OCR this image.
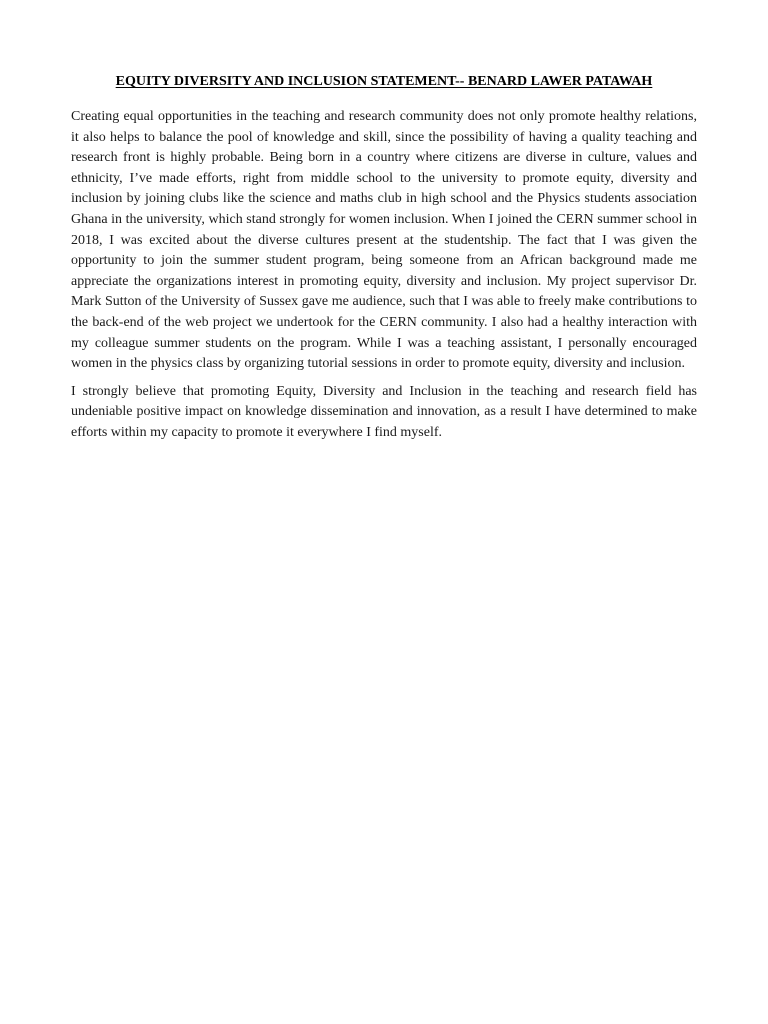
EQUITY DIVERSITY AND INCLUSION STATEMENT-- BENARD LAWER PATAWAH

Creating equal opportunities in the teaching and research community does not only promote healthy relations, it also helps to balance the pool of knowledge and skill, since the possibility of having a quality teaching and research front is highly probable. Being born in a country where citizens are diverse in culture, values and ethnicity, I’ve made efforts, right from middle school to the university to promote equity, diversity and inclusion by joining clubs like the science and maths club in high school and the Physics students association Ghana in the university, which stand strongly for women inclusion. When I joined the CERN summer school in 2018, I was excited about the diverse cultures present at the studentship. The fact that I was given the opportunity to join the summer student program, being someone from an African background made me appreciate the organizations interest in promoting equity, diversity and inclusion. My project supervisor Dr. Mark Sutton of the University of Sussex gave me audience, such that I was able to freely make contributions to the back-end of the web project we undertook for the CERN community. I also had a healthy interaction with my colleague summer students on the program. While I was a teaching assistant, I personally encouraged women in the physics class by organizing tutorial sessions in order to promote equity, diversity and inclusion.

I strongly believe that promoting Equity, Diversity and Inclusion in the teaching and research field has undeniable positive impact on knowledge dissemination and innovation, as a result I have determined to make efforts within my capacity to promote it everywhere I find myself.
